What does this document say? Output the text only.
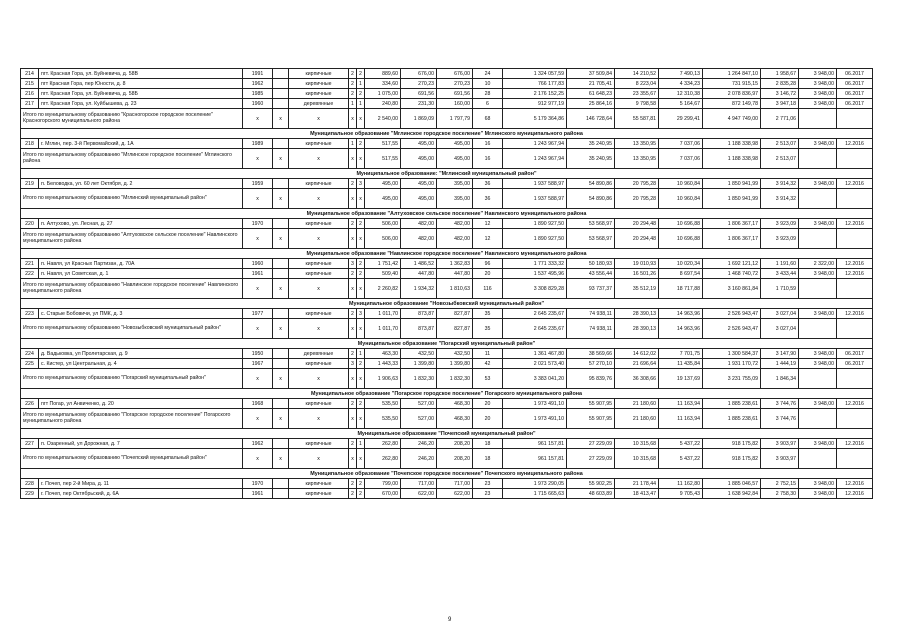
214	пгт. Красная Гора, ул. Буйневича, д. 58В	1991		кирпичные	2	2	889,60	676,00	676,00	24	1 324 057,59	37 509,84	14 210,52	7 490,13	1 264 847,10	1 958,67	3 948,00	06.2017
215	пгт Красная Гора, пер Юности, д. 8	1962		кирпичные	2	1	334,60	270,23	270,23	10	766 177,83	21 705,41	8 223,04	4 334,23	731 915,15	2 835,28	3 948,00	06.2017
216	пгт. Красная Гора, ул. Буйневича, д. 58Б	1985		кирпичные	2	2	1 075,00	691,56	691,56	28	2 176 152,25	61 648,23	23 355,67	12 310,38	2 078 836,97	3 146,72	3 948,00	06.2017
217	пгт. Красная Гора, ул. Куйбышева, д. 23	1960		деревянные	1	1	240,80	231,30	160,00	6	912 977,19	25 864,16	9 798,58	5 164,67	872 149,78	3 947,18	3 948,00	06.2017
Итого по муниципальному образованию "Красногорское городское поселение" Красногорского муниципального района		x	x	x	x	x	2 540,00	1 869,09	1 797,79	68	5 179 364,86	146 728,64	55 587,81	29 299,41	4 947 749,00	2 771,06		
Муниципальное образование "Мглинское городское поселение" Мглинского муниципального района																		
218	г. Мглин, пер. 3-й Первомайский, д. 1А	1989		кирпичные	1	2	517,55	495,00	495,00	16	1 243 967,94	35 240,95	13 350,95	7 037,06	1 188 338,98	2 513,07	3 948,00	12.2016
Итого по муниципальному образованию "Мглинское городское поселение" Мглинского района		x	x	x	x	x	517,55	495,00	495,00	16	1 243 967,94	35 240,95	13 350,95	7 037,06	1 188 338,98	2 513,07		
Муниципальное образование: "Мглинский муниципальный район"																		
219	п. Беловодка, ул. 60 лет Октября, д. 2	1959		кирпичные	2	3	495,00	495,00	395,00	36	1 937 588,97	54 890,86	20 795,28	10 960,84	1 850 941,99	3 914,32	3 948,00	12.2016
Итого по муниципальному образованию "Мглинский муниципальный район"		x	x	x	x	x	495,00	495,00	395,00	36	1 937 588,97	54 890,86	20 795,28	10 960,84	1 850 941,99	3 914,32		
Муниципальное образование "Алтуховское сельское поселение" Навлинского муниципального района																		
220	п. Алтухово, ул. Лесная, д. 27	1970		кирпичные	2	2	506,00	482,00	482,00	12	1 890 927,50	53 568,97	20 294,48	10 696,88	1 806 367,17	3 923,09	3 948,00	12.2016
Итого по муниципальному образованию "Алтуховское сельское поселение" Навлинского муниципального района		x	x	x	x	x	506,00	482,00	482,00	12	1 890 927,50	53 568,97	20 294,48	10 696,88	1 806 367,17	3 923,09		
Муниципальное образование "Навлинское городское поселение" Навлинского муниципального района																		
221	п. Навля, ул Красных Партизан, д. 70А	1960		кирпичные	3	2	1 751,42	1 486,52	1 362,83	96	1 771 333,32	50 180,93	19 010,93	10 020,34	1 692 121,12	1 191,60	2 322,00	12.2016
222	п. Навля, ул Советская, д. 1	1961		кирпичные	2	2	509,40	447,80	447,80	20	1 537 495,96	43 556,44	16 501,26	8 697,54	1 468 740,72	3 433,44	3 948,00	12.2016
Итого по муниципальному образованию "Навлинское городское поселение" Навлинского муниципального района		x	x	x	x	x	2 260,82	1 934,32	1 810,63	116	3 308 829,28	93 737,37	35 512,19	18 717,88	3 160 861,84	1 710,59		
Муниципальное образование "Новозыбковский муниципальный район"																		
223	с. Старые Бобовичи, ул ПМК, д. 3	1977		кирпичные	2	3	1 011,70	873,87	827,87	35	2 645 235,67	74 938,11	28 390,13	14 963,96	2 526 943,47	3 027,04	3 948,00	12.2016
Итого по муниципальному образованию "Новозыбковский муниципальный район"		x	x	x	x	x	1 011,70	873,87	827,87	35	2 645 235,67	74 938,11	28 390,13	14 963,96	2 526 943,47	3 027,04		
Муниципальное образование "Погарский муниципальный район"																		
224	д. Вадьковка, ул Пролетарская, д. 9	1950		деревянные	2	1	463,30	432,50	432,50	11	1 361 467,80	38 569,66	14 612,02	7 701,75	1 300 584,37	3 147,90	3 948,00	06.2017
225	с. Кистер, ул Центральная, д. 4	1967		кирпичные	3	2	1 443,33	1 399,80	1 399,80	42	2 021 573,40	57 270,10	21 696,64	11 435,84	1 931 170,72	1 444,19	3 948,00	06.2017
Итого по муниципальному образованию "Погарский муниципальный район"		x	x	x	x	x	1 906,63	1 832,30	1 832,30	53	3 383 041,20	95 839,76	36 308,66	19 137,69	3 231 755,09	1 846,34		
Муниципальное образование "Погарское городское поселение" Погарского муниципального района																		
226	пгт Погар, ул Анвиченко, д. 20	1968		кирпичные	2	2	535,50	527,00	468,30	20	1 973 491,10	55 907,95	21 180,60	11 163,94	1 885 238,61	3 744,76	3 948,00	12.2016
Итого по муниципальному образованию "Погарское городское поселение" Погарского муниципального района		x	x	x	x	x	535,50	527,00	468,30	20	1 973 491,10	55 907,95	21 180,60	11 163,94	1 885 238,61	3 744,76		
Муниципальное образование "Почепский муниципальный район"																		
227	п. Озаренный, ул Дорожная, д. 7	1962		кирпичные	2	1	262,80	246,20	208,20	18	961 157,81	27 229,09	10 315,68	5 437,22	918 175,82	3 903,97	3 948,00	12.2016
Итого по муниципальному образованию "Почепский муниципальный район"		x	x	x	x	x	262,80	246,20	208,20	18	961 157,81	27 229,09	10 315,68	5 437,22	918 175,82	3 903,97		
Муниципальное образование "Почепское городское поселение" Почепского муниципального района																		
228	г. Почеп, пер 2-й Мира, д. 11	1970		кирпичные	2	2	799,00	717,00	717,00	23	1 973 290,05	55 902,25	21 178,44	11 162,80	1 885 046,57	2 752,15	3 948,00	12.2016
229	г. Почеп, пер Октябрьский, д. 6А	1961		кирпичные	2	2	670,00	622,00	622,00	23	1 715 665,63	48 603,89	18 413,47	9 705,43	1 638 942,84	2 758,30	3 948,00	12.2016
9
